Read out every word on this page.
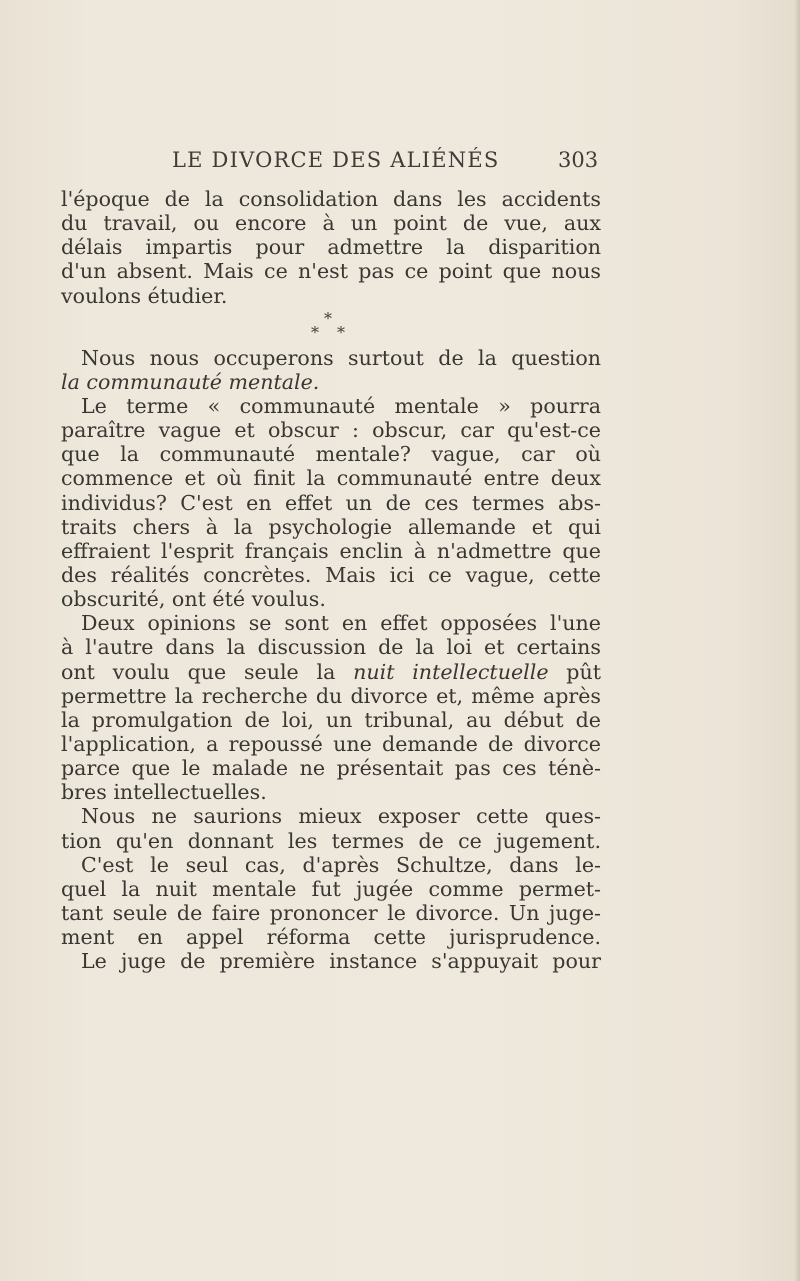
LE DIVORCE DES ALIÉNÉS	303

l'époque de la consolidation dans les accidents
du travail, ou encore à un point de vue, aux
délais impartis pour admettre la disparition
d'un absent. Mais ce n'est pas ce point que nous
voulons étudier.

*
* *

Nous nous occuperons surtout de la question
la communauté mentale.

Le terme « communauté mentale » pourra
paraître vague et obscur : obscur, car qu'est-ce
que la communauté mentale? vague, car où
commence et où finit la communauté entre deux
individus? C'est en effet un de ces termes abs-
traits chers à la psychologie allemande et qui
effraient l'esprit français enclin à n'admettre que
des réalités concrètes. Mais ici ce vague, cette
obscurité, ont été voulus.

Deux opinions se sont en effet opposées l'une
à l'autre dans la discussion de la loi et certains
ont voulu que seule la nuit intellectuelle pût
permettre la recherche du divorce et, même après
la promulgation de loi, un tribunal, au début de
l'application, a repoussé une demande de divorce
parce que le malade ne présentait pas ces ténè-
bres intellectuelles.

Nous ne saurions mieux exposer cette ques-
tion qu'en donnant les termes de ce jugement.

C'est le seul cas, d'après Schultze, dans le-
quel la nuit mentale fut jugée comme permet-
tant seule de faire prononcer le divorce. Un juge-
ment en appel réforma cette jurisprudence.
Le juge de première instance s'appuyait pour
